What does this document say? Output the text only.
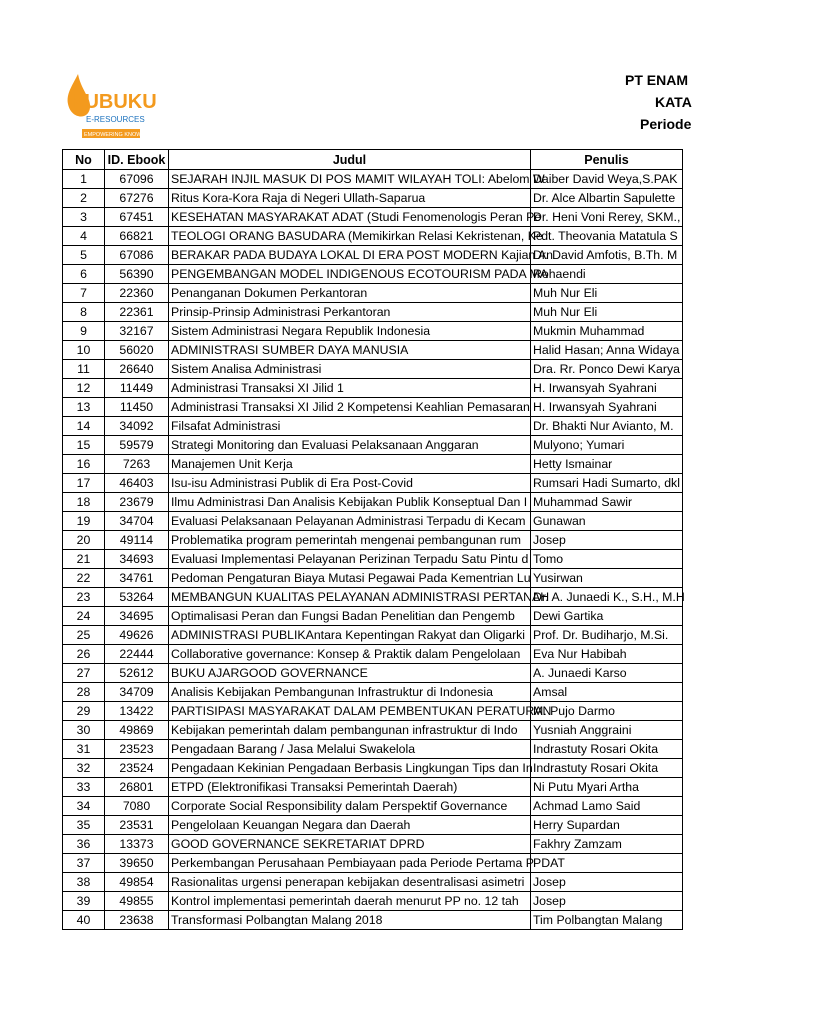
KUBUKU
E-RESOURCES
EMPOWERING KNOWLEDGE
PT ENAM
KATA
Periode
No	ID. Ebook	Judul	Penulis
1	67096	SEJARAH INJIL MASUK DI POS MAMIT WILAYAH TOLI: Abelom W	Daiber David Weya,S.PAK
2	67276	Ritus Kora-Kora Raja di Negeri Ullath-Saparua	Dr. Alce Albartin Sapulette
3	67451	KESEHATAN MASYARAKAT ADAT (Studi Fenomenologis Peran Pe	Dr. Heni Voni Rerey, SKM.,
4	66821	TEOLOGI ORANG BASUDARA (Memikirkan Relasi Kekristenan, Ke	Pdt. Theovania Matatula S
5	67086	BERAKAR PADA BUDAYA LOKAL DI ERA POST MODERN Kajian An	Dr. David Amfotis, B.Th. M
6	56390	PENGEMBANGAN MODEL INDIGENOUS ECOTOURISM PADA MA	Rohaendi
7	22360	Penanganan Dokumen Perkantoran	Muh Nur Eli
8	22361	Prinsip-Prinsip Administrasi Perkantoran	Muh Nur Eli
9	32167	Sistem Administrasi Negara Republik Indonesia	Mukmin Muhammad
10	56020	ADMINISTRASI SUMBER DAYA MANUSIA	Halid Hasan; Anna Widaya
11	26640	Sistem Analisa Administrasi	Dra. Rr. Ponco Dewi Karya
12	11449	Administrasi Transaksi XI Jilid 1	H. Irwansyah Syahrani
13	11450	Administrasi Transaksi XI Jilid 2 Kompetensi Keahlian Pemasaran	H. Irwansyah Syahrani
14	34092	Filsafat Administrasi	Dr. Bhakti Nur Avianto, M.
15	59579	Strategi Monitoring dan Evaluasi Pelaksanaan Anggaran	Mulyono; Yumari
16	7263	Manajemen Unit Kerja	Hetty Ismainar
17	46403	Isu-isu Administrasi Publik di Era Post-Covid	Rumsari Hadi Sumarto, dkl
18	23679	Ilmu Administrasi Dan Analisis Kebijakan Publik Konseptual Dan I	Muhammad Sawir
19	34704	Evaluasi Pelaksanaan Pelayanan Administrasi Terpadu di Kecam	Gunawan
20	49114	Problematika program pemerintah mengenai pembangunan rum	Josep
21	34693	Evaluasi Implementasi Pelayanan Perizinan Terpadu Satu Pintu d	Tomo
22	34761	Pedoman Pengaturan Biaya Mutasi Pegawai Pada Kementrian Lu	Yusirwan
23	53264	MEMBANGUN KUALITAS PELAYANAN ADMINISTRASI PERTANAH	Dr. A. Junaedi K., S.H., M.H
24	34695	Optimalisasi Peran dan Fungsi Badan Penelitian dan Pengemb	Dewi Gartika
25	49626	ADMINISTRASI PUBLIKAntara Kepentingan Rakyat dan Oligarki	Prof. Dr. Budiharjo, M.Si.
26	22444	Collaborative governance: Konsep & Praktik dalam Pengelolaan	Eva Nur Habibah
27	52612	BUKU AJARGOOD GOVERNANCE	A. Junaedi Karso
28	34709	Analisis Kebijakan Pembangunan Infrastruktur di Indonesia	Amsal
29	13422	PARTISIPASI MASYARAKAT DALAM PEMBENTUKAN PERATURAN	M. Pujo Darmo
30	49869	Kebijakan pemerintah dalam pembangunan infrastruktur di Indo	Yusniah Anggraini
31	23523	Pengadaan Barang / Jasa Melalui Swakelola	Indrastuty Rosari Okita
32	23524	Pengadaan Kekinian Pengadaan Berbasis Lingkungan Tips dan In	Indrastuty Rosari Okita
33	26801	ETPD (Elektronifikasi Transaksi Pemerintah Daerah)	Ni Putu Myari Artha
34	7080	Corporate Social Responsibility dalam Perspektif Governance	Achmad Lamo Said
35	23531	Pengelolaan Keuangan Negara dan Daerah	Herry Supardan
36	13373	GOOD GOVERNANCE SEKRETARIAT DPRD	Fakhry Zamzam
37	39650	Perkembangan Perusahaan Pembiayaan pada Periode Pertama P	PDAT
38	49854	Rasionalitas urgensi penerapan kebijakan desentralisasi asimetri	Josep
39	49855	Kontrol implementasi pemerintah daerah menurut PP no. 12 tah	Josep
40	23638	Transformasi Polbangtan Malang 2018	Tim Polbangtan Malang
